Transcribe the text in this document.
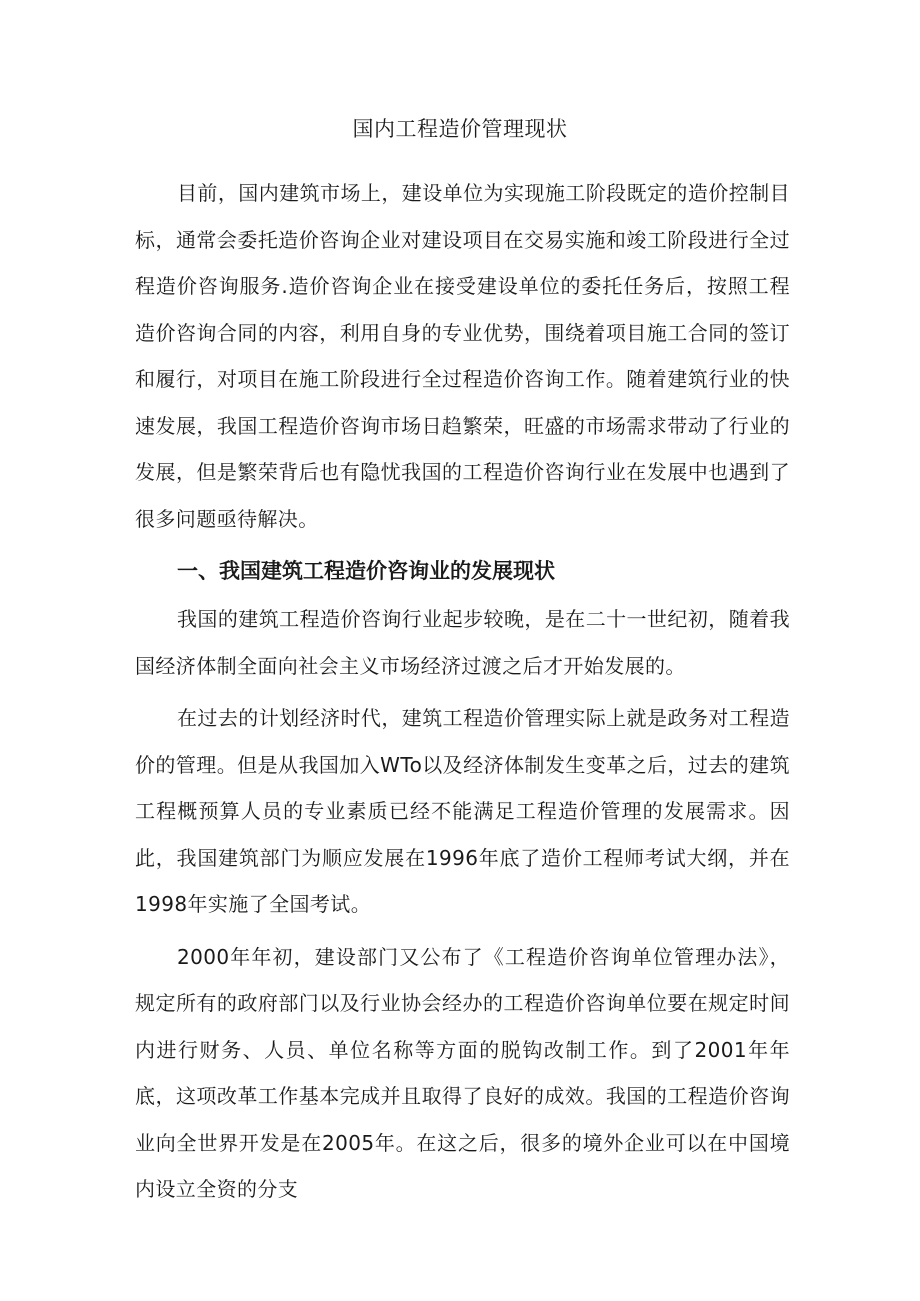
国内工程造价管理现状

目前，国内建筑市场上，建设单位为实现施工阶段既定的造价控制目标，通常会委托造价咨询企业对建设项目在交易实施和竣工阶段进行全过程造价咨询服务.造价咨询企业在接受建设单位的委托任务后，按照工程造价咨询合同的内容，利用自身的专业优势，围绕着项目施工合同的签订和履行，对项目在施工阶段进行全过程造价咨询工作。随着建筑行业的快速发展，我国工程造价咨询市场日趋繁荣，旺盛的市场需求带动了行业的发展，但是繁荣背后也有隐忧我国的工程造价咨询行业在发展中也遇到了很多问题亟待解决。

一、我国建筑工程造价咨询业的发展现状

我国的建筑工程造价咨询行业起步较晚，是在二十一世纪初，随着我国经济体制全面向社会主义市场经济过渡之后才开始发展的。

在过去的计划经济时代，建筑工程造价管理实际上就是政务对工程造价的管理。但是从我国加入WTo以及经济体制发生变革之后，过去的建筑工程概预算人员的专业素质已经不能满足工程造价管理的发展需求。因此，我国建筑部门为顺应发展在1996年底了造价工程师考试大纲，并在1998年实施了全国考试。

2000年年初，建设部门又公布了《工程造价咨询单位管理办法》，规定所有的政府部门以及行业协会经办的工程造价咨询单位要在规定时间内进行财务、人员、单位名称等方面的脱钩改制工作。到了2001年年底，这项改革工作基本完成并且取得了良好的成效。我国的工程造价咨询业向全世界开发是在2005年。在这之后，很多的境外企业可以在中国境内设立全资的分支
